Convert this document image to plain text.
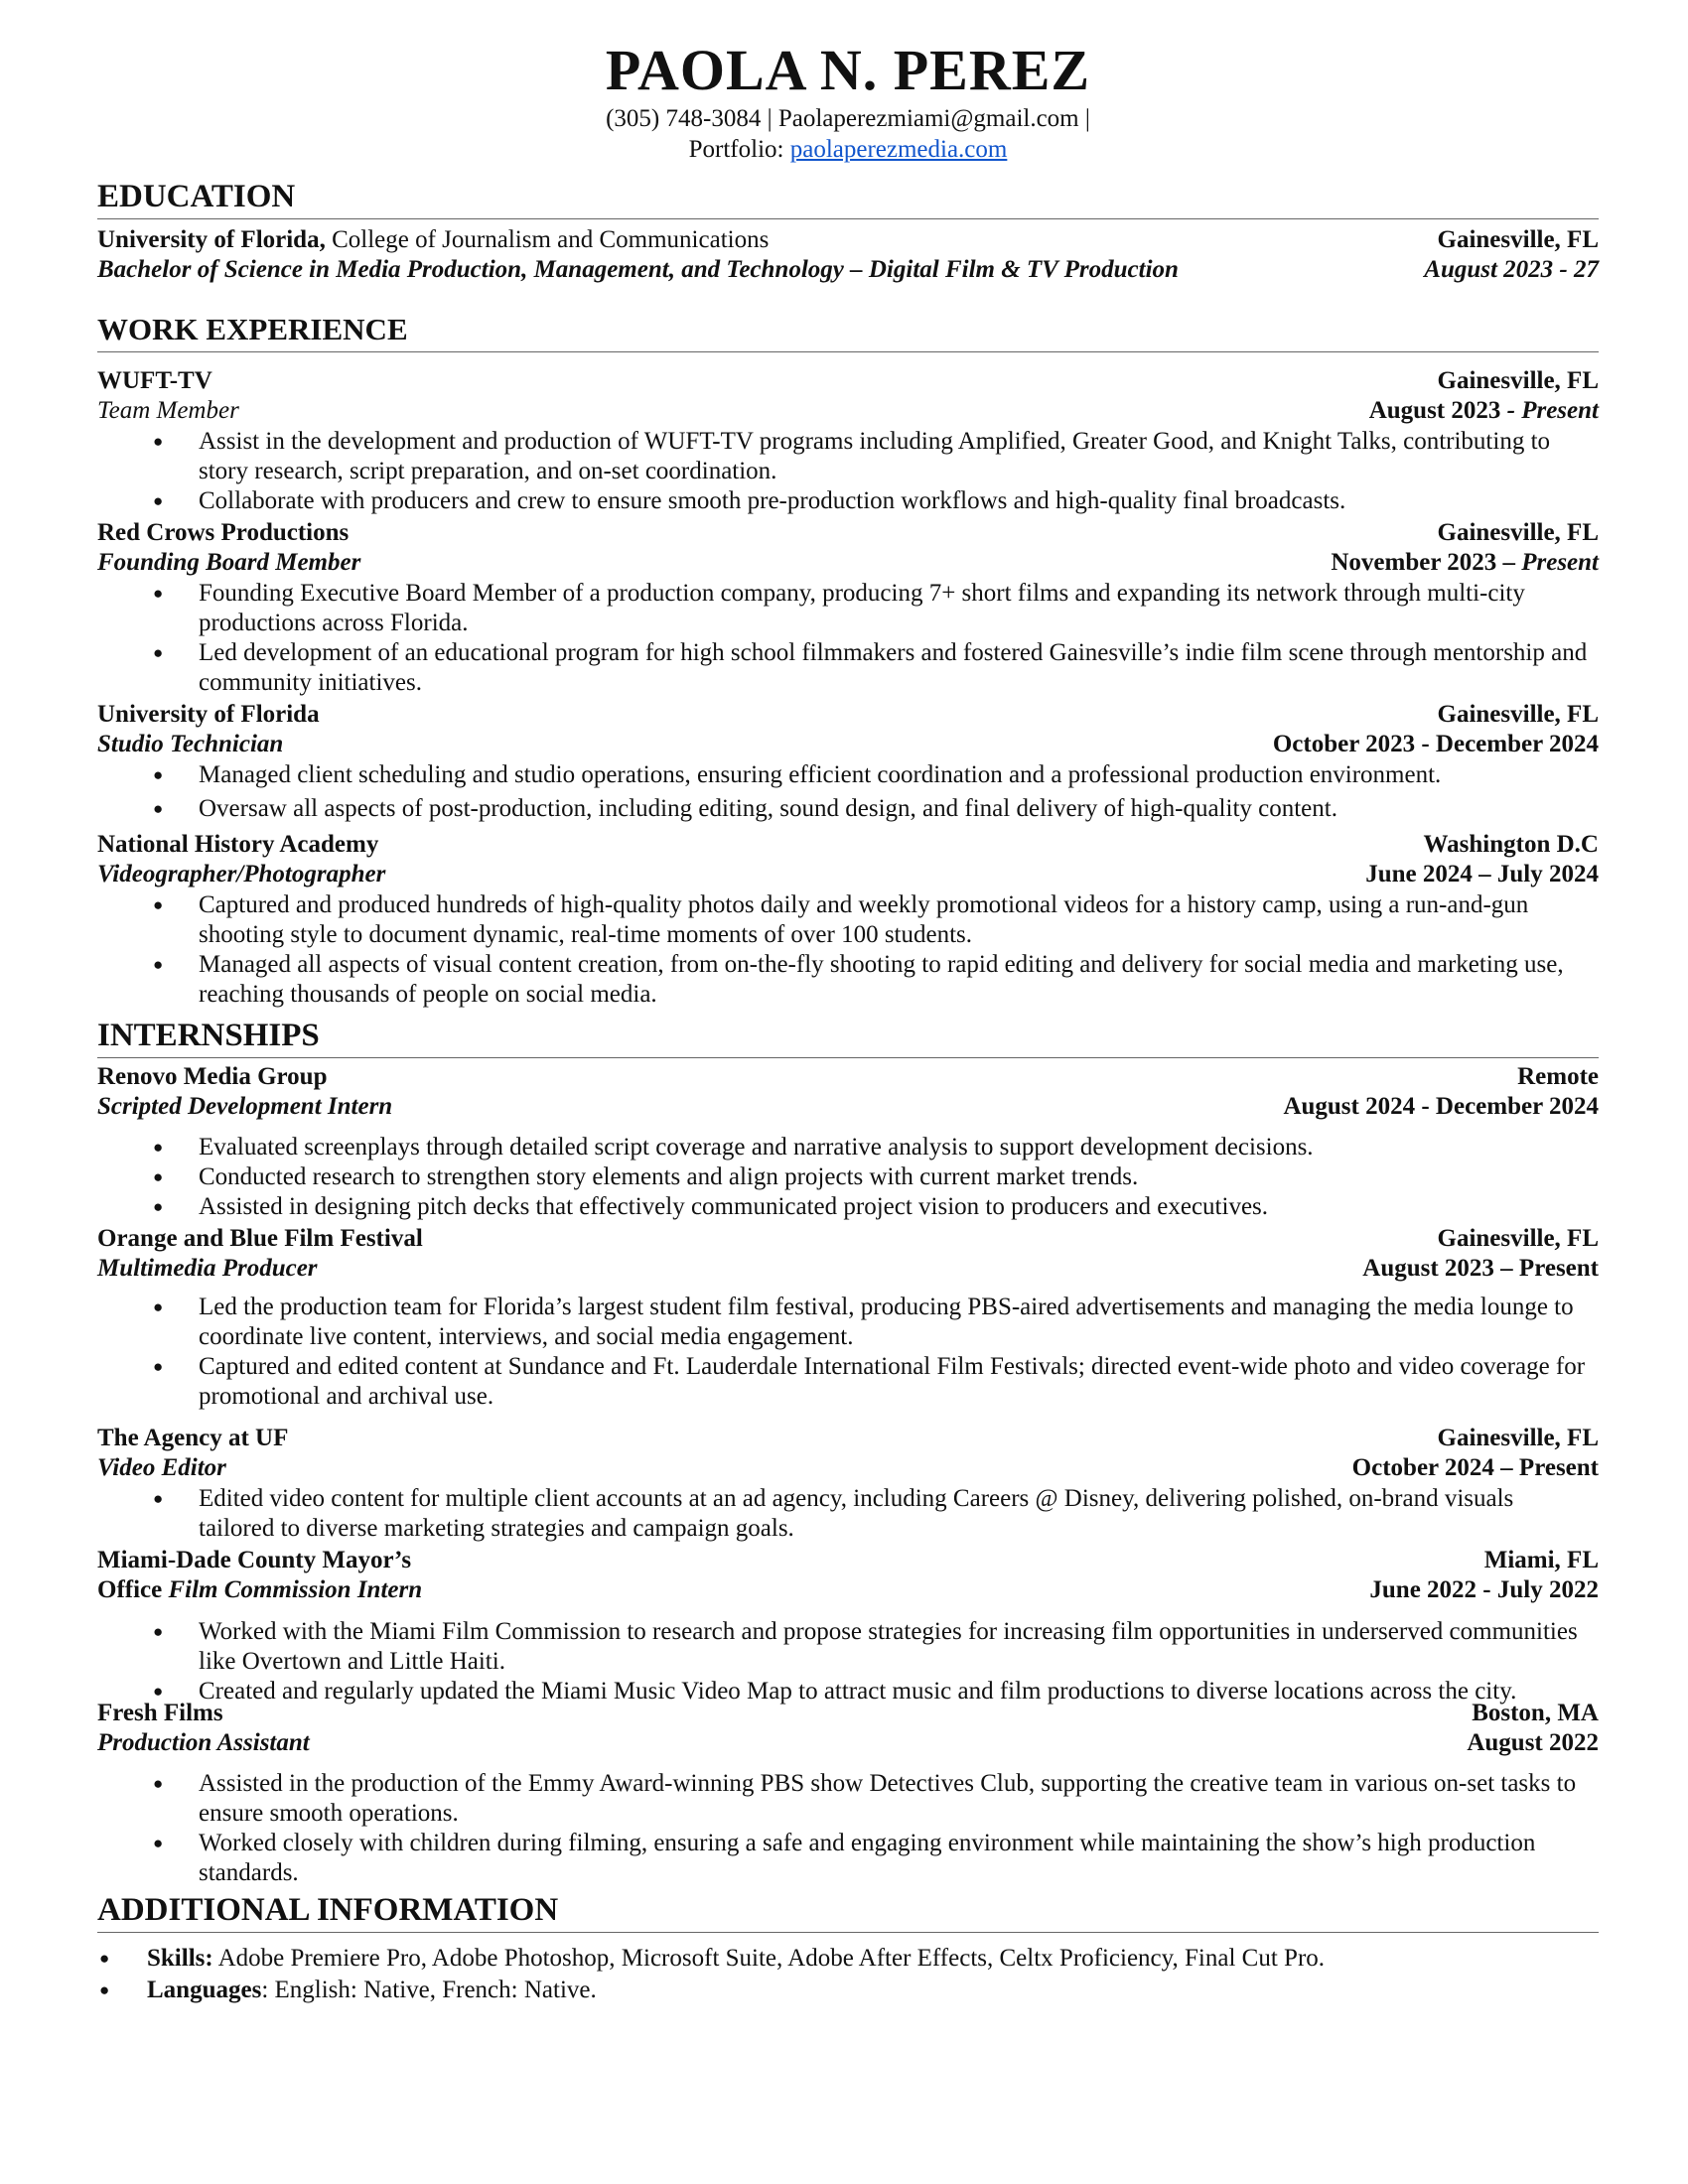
PAOLA N. PEREZ
(305) 748-3084 | Paolaperezmiami@gmail.com |
Portfolio: paolaperezmedia.com
EDUCATION
University of Florida, College of Journalism and Communications	Gainesville, FL
Bachelor of Science in Media Production, Management, and Technology – Digital Film & TV Production	August 2023 - 27
WORK EXPERIENCE
WUFT-TV	Gainesville, FL
Team Member	August 2023 - Present
● Assist in the development and production of WUFT-TV programs including Amplified, Greater Good, and Knight Talks, contributing to story research, script preparation, and on-set coordination.
● Collaborate with producers and crew to ensure smooth pre-production workflows and high-quality final broadcasts.
Red Crows Productions	Gainesville, FL
Founding Board Member	November 2023 – Present
● Founding Executive Board Member of a production company, producing 7+ short films and expanding its network through multi-city productions across Florida.
● Led development of an educational program for high school filmmakers and fostered Gainesville’s indie film scene through mentorship and community initiatives.
University of Florida	Gainesville, FL
Studio Technician	October 2023 - December 2024
● Managed client scheduling and studio operations, ensuring efficient coordination and a professional production environment.
● Oversaw all aspects of post-production, including editing, sound design, and final delivery of high-quality content.
National History Academy	Washington D.C
Videographer/Photographer	June 2024 – July 2024
● Captured and produced hundreds of high-quality photos daily and weekly promotional videos for a history camp, using a run-and-gun shooting style to document dynamic, real-time moments of over 100 students.
● Managed all aspects of visual content creation, from on-the-fly shooting to rapid editing and delivery for social media and marketing use, reaching thousands of people on social media.
INTERNSHIPS
Renovo Media Group	Remote
Scripted Development Intern	August 2024 - December 2024
● Evaluated screenplays through detailed script coverage and narrative analysis to support development decisions.
● Conducted research to strengthen story elements and align projects with current market trends.
● Assisted in designing pitch decks that effectively communicated project vision to producers and executives.
Orange and Blue Film Festival	Gainesville, FL
Multimedia Producer	August 2023 – Present
● Led the production team for Florida’s largest student film festival, producing PBS-aired advertisements and managing the media lounge to coordinate live content, interviews, and social media engagement.
● Captured and edited content at Sundance and Ft. Lauderdale International Film Festivals; directed event-wide photo and video coverage for promotional and archival use.
The Agency at UF	Gainesville, FL
Video Editor	October 2024 – Present
● Edited video content for multiple client accounts at an ad agency, including Careers @ Disney, delivering polished, on-brand visuals tailored to diverse marketing strategies and campaign goals.
Miami-Dade County Mayor’s	Miami, FL
Office Film Commission Intern	June 2022 - July 2022
● Worked with the Miami Film Commission to research and propose strategies for increasing film opportunities in underserved communities like Overtown and Little Haiti.
● Created and regularly updated the Miami Music Video Map to attract music and film productions to diverse locations across the city.
Fresh Films	Boston, MA
Production Assistant	August 2022
● Assisted in the production of the Emmy Award-winning PBS show Detectives Club, supporting the creative team in various on-set tasks to ensure smooth operations.
● Worked closely with children during filming, ensuring a safe and engaging environment while maintaining the show’s high production standards.
ADDITIONAL INFORMATION
● Skills: Adobe Premiere Pro, Adobe Photoshop, Microsoft Suite, Adobe After Effects, Celtx Proficiency, Final Cut Pro.
● Languages: English: Native, French: Native.
